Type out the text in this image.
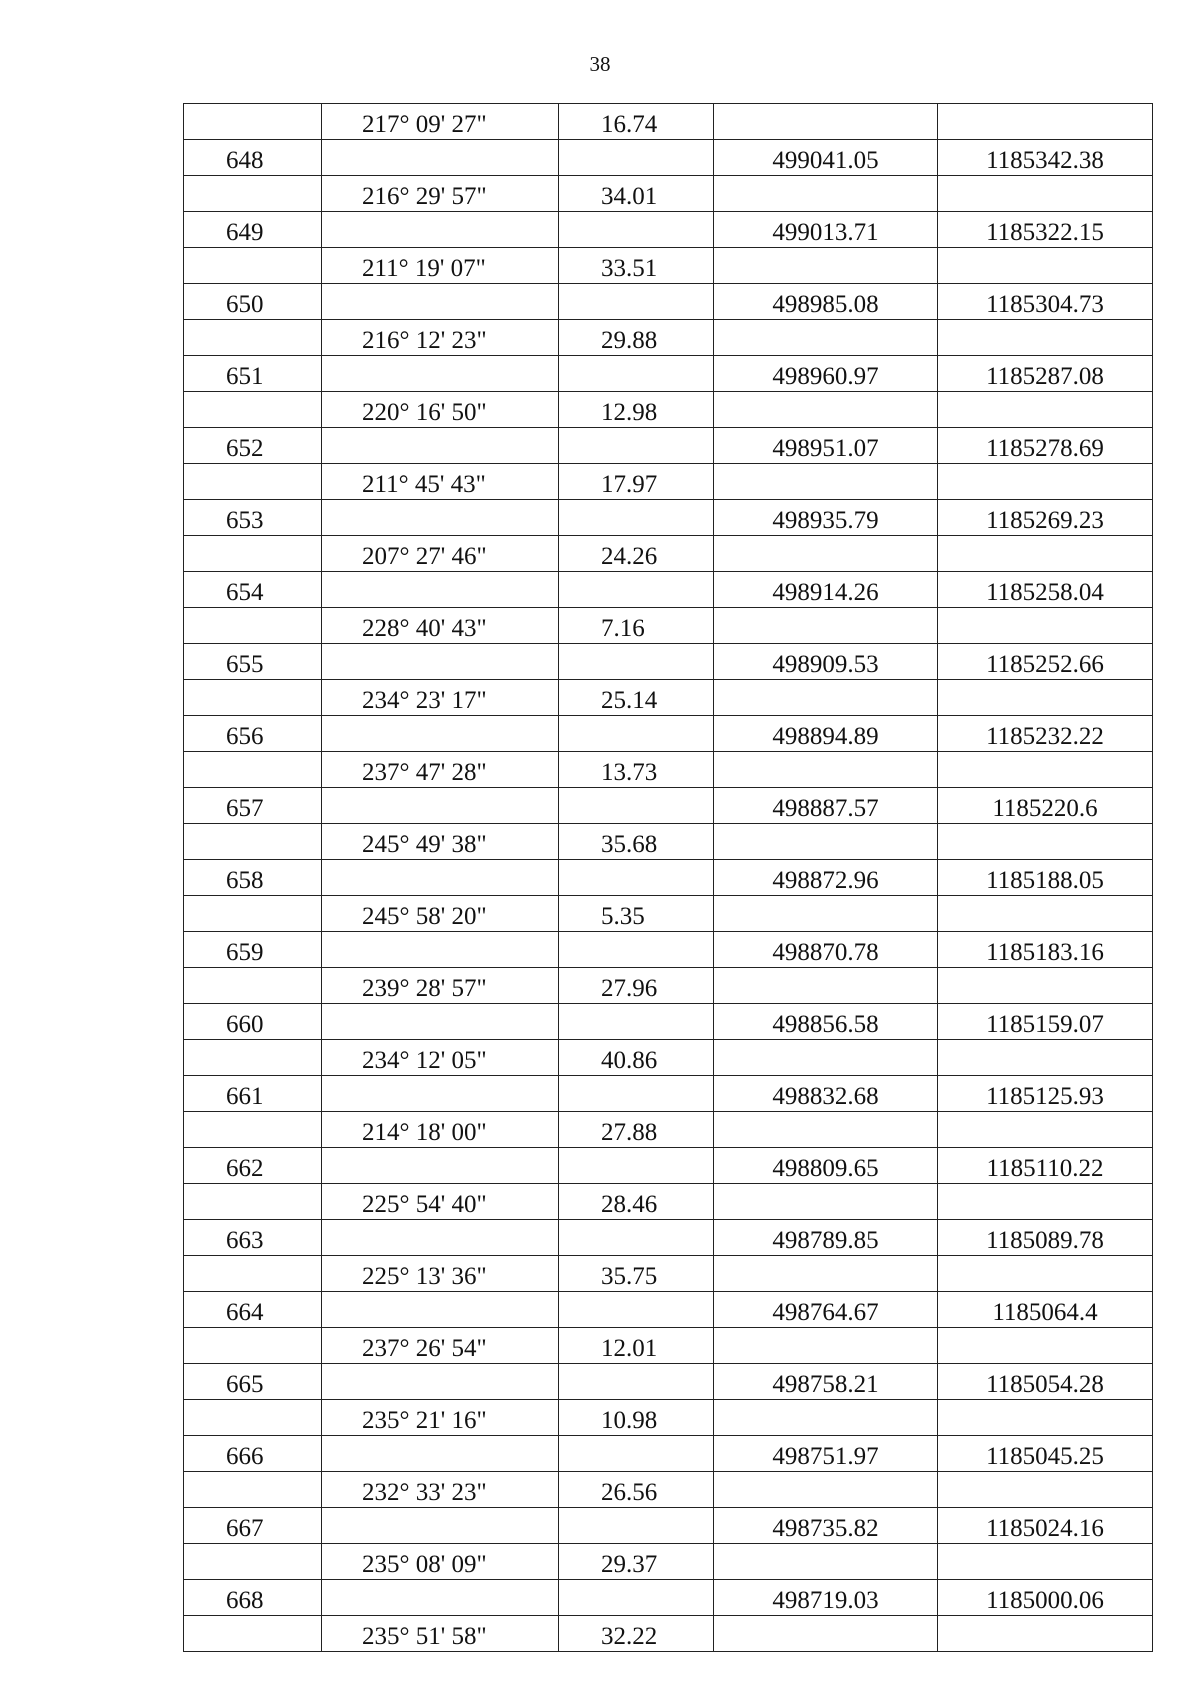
38
	217° 09' 27"	16.74		
648			499041.05	1185342.38
	216° 29' 57"	34.01		
649			499013.71	1185322.15
	211° 19' 07"	33.51		
650			498985.08	1185304.73
	216° 12' 23"	29.88		
651			498960.97	1185287.08
	220° 16' 50"	12.98		
652			498951.07	1185278.69
	211° 45' 43"	17.97		
653			498935.79	1185269.23
	207° 27' 46"	24.26		
654			498914.26	1185258.04
	228° 40' 43"	7.16		
655			498909.53	1185252.66
	234° 23' 17"	25.14		
656			498894.89	1185232.22
	237° 47' 28"	13.73		
657			498887.57	1185220.6
	245° 49' 38"	35.68		
658			498872.96	1185188.05
	245° 58' 20"	5.35		
659			498870.78	1185183.16
	239° 28' 57"	27.96		
660			498856.58	1185159.07
	234° 12' 05"	40.86		
661			498832.68	1185125.93
	214° 18' 00"	27.88		
662			498809.65	1185110.22
	225° 54' 40"	28.46		
663			498789.85	1185089.78
	225° 13' 36"	35.75		
664			498764.67	1185064.4
	237° 26' 54"	12.01		
665			498758.21	1185054.28
	235° 21' 16"	10.98		
666			498751.97	1185045.25
	232° 33' 23"	26.56		
667			498735.82	1185024.16
	235° 08' 09"	29.37		
668			498719.03	1185000.06
	235° 51' 58"	32.22		
